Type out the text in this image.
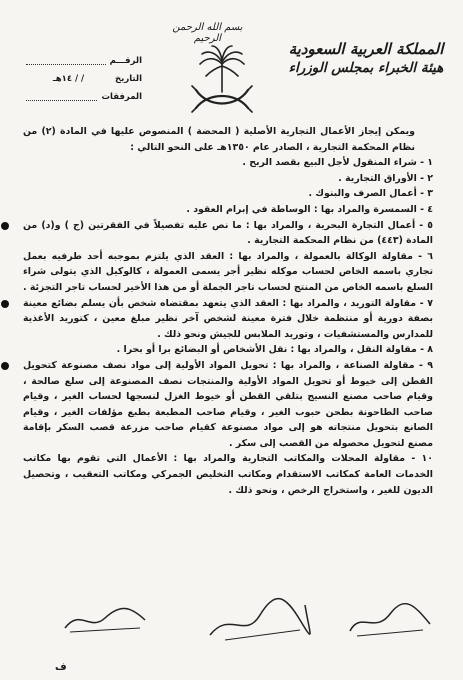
بسم الله الرحمن الرحيم
المملكة العربية السعودية
هيئة الخبراء بمجلس الوزراء
الرقـــم
التاريخ
/ / ١٤هـ
المرفقات

ويمكن إيجاز الأعمال التجارية الأصلية ( المحضة ) المنصوص عليها في المادة (٢) من نظام المحكمة التجارية ، الصادر عام ١٣٥٠هـ على النحو التالي :

١ - شراء المنقول لأجل البيع بقصد الربح .

٢ - الأوراق التجارية .

٣ - أعمال الصرف والبنوك .

٤ - السمسرة والمراد بها : الوساطة في إبرام العقود .

٥ - أعمال التجارة البحرية ، والمراد بها : ما نص عليه تفصيلاً في الفقرتين (ج ) و(د) من المادة (٤٤٣) من نظام المحكمة التجارية .

٦ - مقاولة الوكالة بالعمولة ، والمراد بها : العقد الذي يلتزم بموجبه أحد طرفيه بعمل تجاري باسمه الخاص لحساب موكله نظير أجر يسمى العمولة ، كالوكيل الذي يتولى شراء السلع باسمه الخاص من المنتج لحساب تاجر الجملة أو من هذا الأخير لحساب تاجر التجزئة .

٧ - مقاولة التوريد ، والمراد بها : العقد الذي يتعهد بمقتضاه شخص بأن يسلم بضائع معينة بصفة دورية أو منتظمة خلال فترة معينة لشخص آخر نظير مبلغ معين ، كتوريد الأغذية للمدارس والمستشفيات ، وتوريد الملابس للجيش ونحو ذلك .

٨ - مقاولة النقل ، والمراد بها : نقل الأشخاص أو البضائع برا أو بحرا .

٩ - مقاولة الصناعة ، والمراد بها : تحويل المواد الأولية إلى مواد نصف مصنوعة كتحويل القطن إلى خيوط أو تحويل المواد الأولية والمنتجات نصف المصنوعة إلى سلع صالحة ، وقيام صاحب مصنع النسيج بتلقي القطن أو خيوط الغزل لنسجها لحساب الغير ، وقيام صاحب الطاحونة بطحن حبوب الغير ، وقيام صاحب المطبعة بطبع مؤلفات الغير ، وقيام الصانع بتحويل منتجاته هو إلى مواد مصنوعة كقيام صاحب مزرعة قصب السكر بإقامة مصنع لتحويل محصوله من القصب إلى سكر .

١٠ - مقاولة المحلات والمكاتب التجارية والمراد بها : الأعمال التي تقوم بها مكاتب الخدمات العامة كمكاتب الاستقدام ومكاتب التخليص الجمركي ومكاتب التعقيب ، وتحصيل الديون للغير ، واستخراج الرخص ، ونحو ذلك .

ف
